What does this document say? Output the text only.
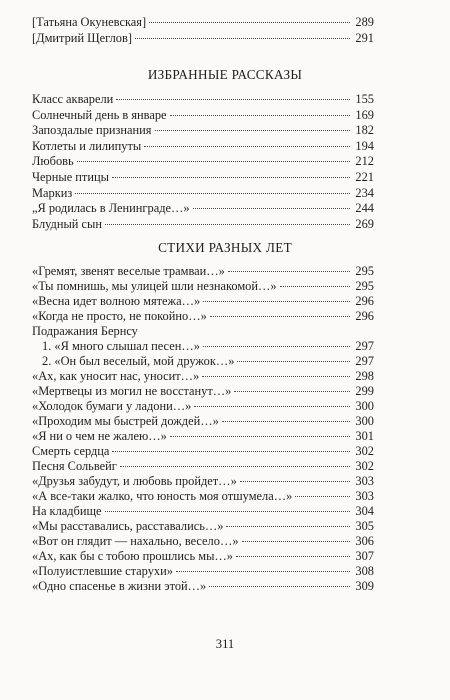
[Татьяна Окуневская]	289
[Дмитрий Щеглов]	291
ИЗБРАННЫЕ РАССКАЗЫ
Класс акварели	155
Солнечный день в январе	169
Запоздалые признания	182
Котлеты и лилипуты	194
Любовь	212
Черные птицы	221
Маркиз	234
„Я родилась в Ленинграде…»	244
Блудный сын	269
СТИХИ РАЗНЫХ ЛЕТ
«Гремят, звенят веселые трамваи…»	295
«Ты помнишь, мы улицей шли незнакомой…»	295
«Весна идет волною мятежа…»	296
«Когда не просто, не покойно…»	296
Подражания Бернсу
1. «Я много слышал песен…»	297
2. «Он был веселый, мой дружок…»	297
«Ах, как уносит нас, уносит…»	298
«Мертвецы из могил не восстанут…»	299
«Холодок бумаги у ладони…»	300
«Проходим мы быстрей дождей…»	300
«Я ни о чем не жалею…»	301
Смерть сердца	302
Песня Сольвейг	302
«Друзья забудут, и любовь пройдет…»	303
«А все-таки жалко, что юность моя отшумела…»	303
На кладбище	304
«Мы расставались, расставались…»	305
«Вот он глядит — нахально, весело…»	306
«Ах, как бы с тобою прошлись мы…»	307
«Полуистлевшие старухи»	308
«Одно спасенье в жизни этой…»	309
311
